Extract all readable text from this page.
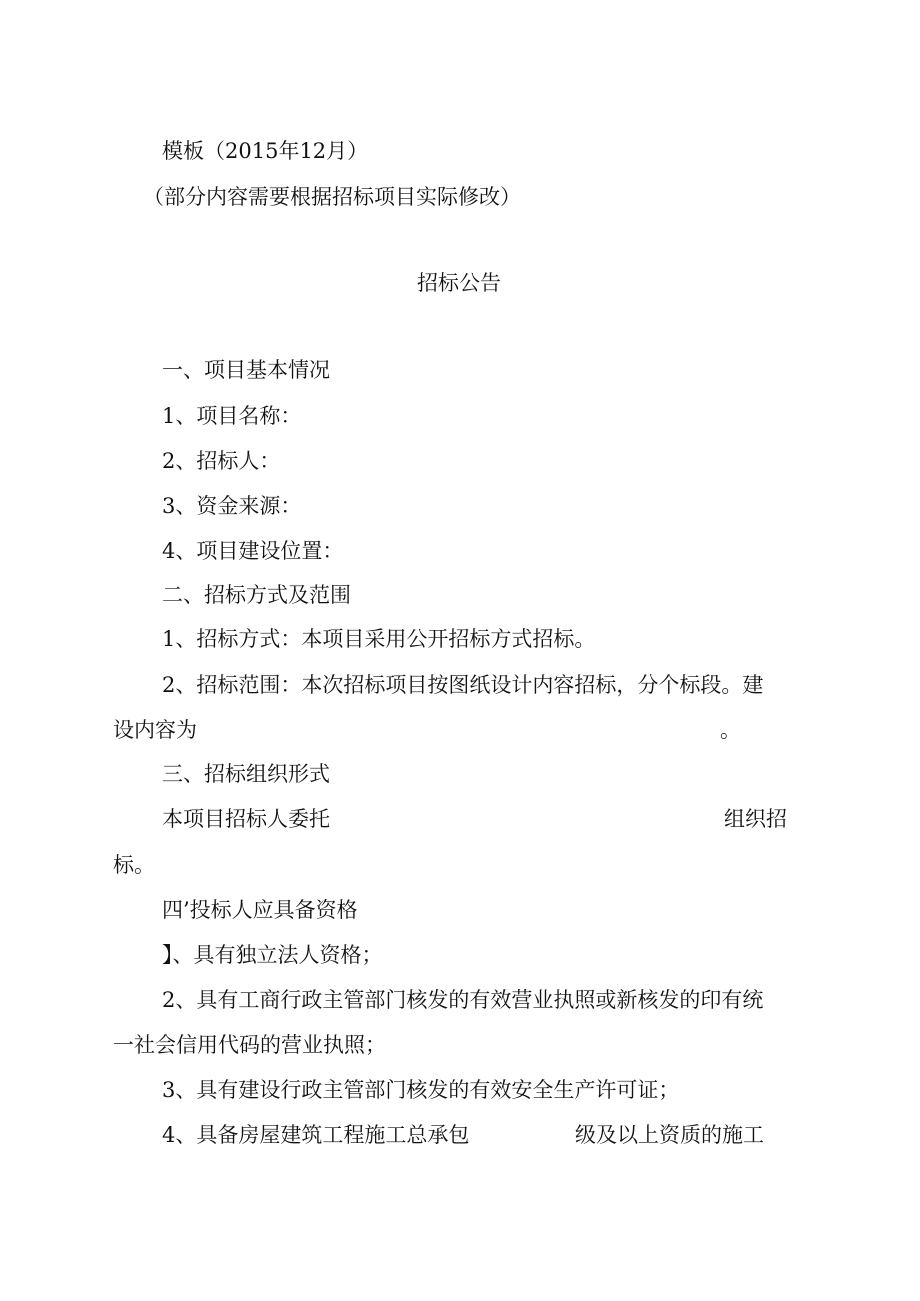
模板（2015年12月）
（部分内容需要根据招标项目实际修改）
招标公告
一、项目基本情况
1、项目名称：
2、招标人：
3、资金来源：
4、项目建设位置：
二、招标方式及范围
1、招标方式：本项目采用公开招标方式招标。
2、招标范围：本次招标项目按图纸设计内容招标，分个标段。建
设内容为	。
三、招标组织形式
本项目招标人委托	组织招
标。
四’投标人应具备资格
】、具有独立法人资格；
2、具有工商行政主管部门核发的有效营业执照或新核发的印有统
一社会信用代码的营业执照；
3、具有建设行政主管部门核发的有效安全生产许可证；
4、具备房屋建筑工程施工总承包	级及以上资质的施工
